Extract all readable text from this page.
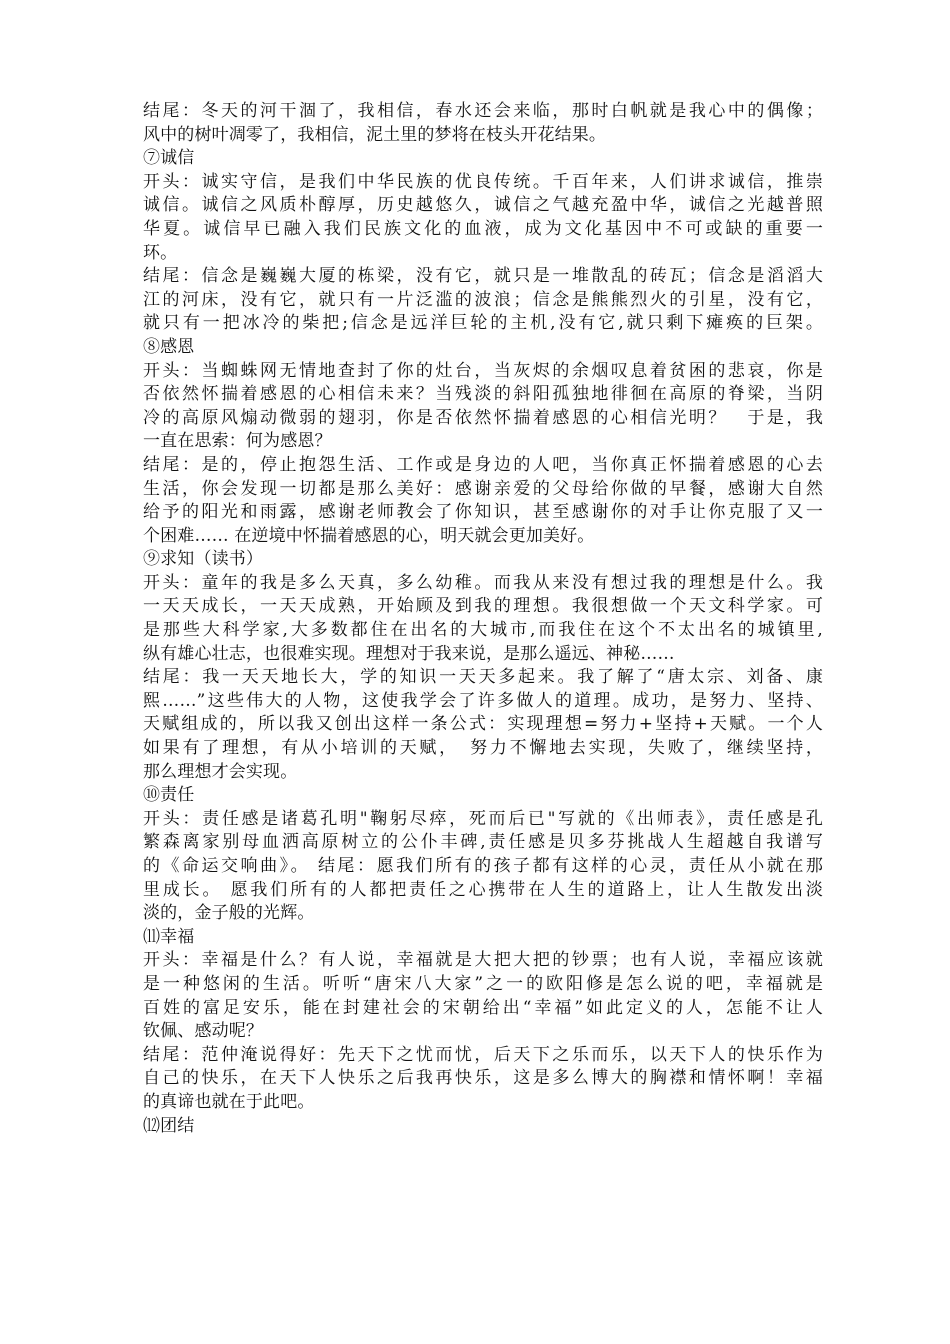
结尾：冬天的河干涸了，我相信，春水还会来临，那时白帆就是我心中的偶像；
风中的树叶凋零了，我相信，泥土里的梦将在枝头开花结果。
⑦诚信
开头：诚实守信，是我们中华民族的优良传统。千百年来，人们讲求诚信，推崇
诚信。诚信之风质朴醇厚，历史越悠久，诚信之气越充盈中华，诚信之光越普照
华夏。诚信早已融入我们民族文化的血液，成为文化基因中不可或缺的重要一
环。
结尾：信念是巍巍大厦的栋梁，没有它，就只是一堆散乱的砖瓦；信念是滔滔大
江的河床，没有它，就只有一片泛滥的波浪；信念是熊熊烈火的引星，没有它，
就只有一把冰冷的柴把;信念是远洋巨轮的主机,没有它,就只剩下瘫痪的巨架。
⑧感恩
开头：当蜘蛛网无情地查封了你的灶台，当灰烬的余烟叹息着贫困的悲哀，你是
否依然怀揣着感恩的心相信未来？当残淡的斜阳孤独地徘徊在高原的脊梁，当阴
冷的高原风煽动微弱的翅羽，你是否依然怀揣着感恩的心相信光明？　于是，我
一直在思索：何为感恩？
结尾：是的，停止抱怨生活、工作或是身边的人吧，当你真正怀揣着感恩的心去
生活，你会发现一切都是那么美好：感谢亲爱的父母给你做的早餐，感谢大自然
给予的阳光和雨露，感谢老师教会了你知识，甚至感谢你的对手让你克服了又一
个困难…… 在逆境中怀揣着感恩的心，明天就会更加美好。
⑨求知（读书）
开头：童年的我是多么天真，多么幼稚。而我从来没有想过我的理想是什么。我
一天天成长，一天天成熟，开始顾及到我的理想。我很想做一个天文科学家。可
是那些大科学家,大多数都住在出名的大城市,而我住在这个不太出名的城镇里,
纵有雄心壮志，也很难实现。理想对于我来说，是那么遥远、神秘……
结尾：我一天天地长大，学的知识一天天多起来。我了解了“唐太宗、刘备、康
熙……”这些伟大的人物，这使我学会了许多做人的道理。成功，是努力、坚持、
天赋组成的，所以我又创出这样一条公式：实现理想=努力+坚持+天赋。一个人
如果有了理想，有从小培训的天赋，　努力不懈地去实现，失败了，继续坚持，
那么理想才会实现。
⑩责任
开头：责任感是诸葛孔明"鞠躬尽瘁，死而后已"写就的《出师表》，责任感是孔
繁森离家别母血洒高原树立的公仆丰碑,责任感是贝多芬挑战人生超越自我谱写
的《命运交响曲》。 结尾：愿我们所有的孩子都有这样的心灵，责任从小就在那
里成长。 愿我们所有的人都把责任之心携带在人生的道路上，让人生散发出淡
淡的，金子般的光辉。
⑾幸福
开头：幸福是什么？有人说，幸福就是大把大把的钞票；也有人说，幸福应该就
是一种悠闲的生活。听听“唐宋八大家”之一的欧阳修是怎么说的吧，幸福就是
百姓的富足安乐，能在封建社会的宋朝给出“幸福”如此定义的人，怎能不让人
钦佩、感动呢？
结尾：范仲淹说得好：先天下之忧而忧，后天下之乐而乐，以天下人的快乐作为
自己的快乐，在天下人快乐之后我再快乐，这是多么博大的胸襟和情怀啊！幸福
的真谛也就在于此吧。
⑿团结
